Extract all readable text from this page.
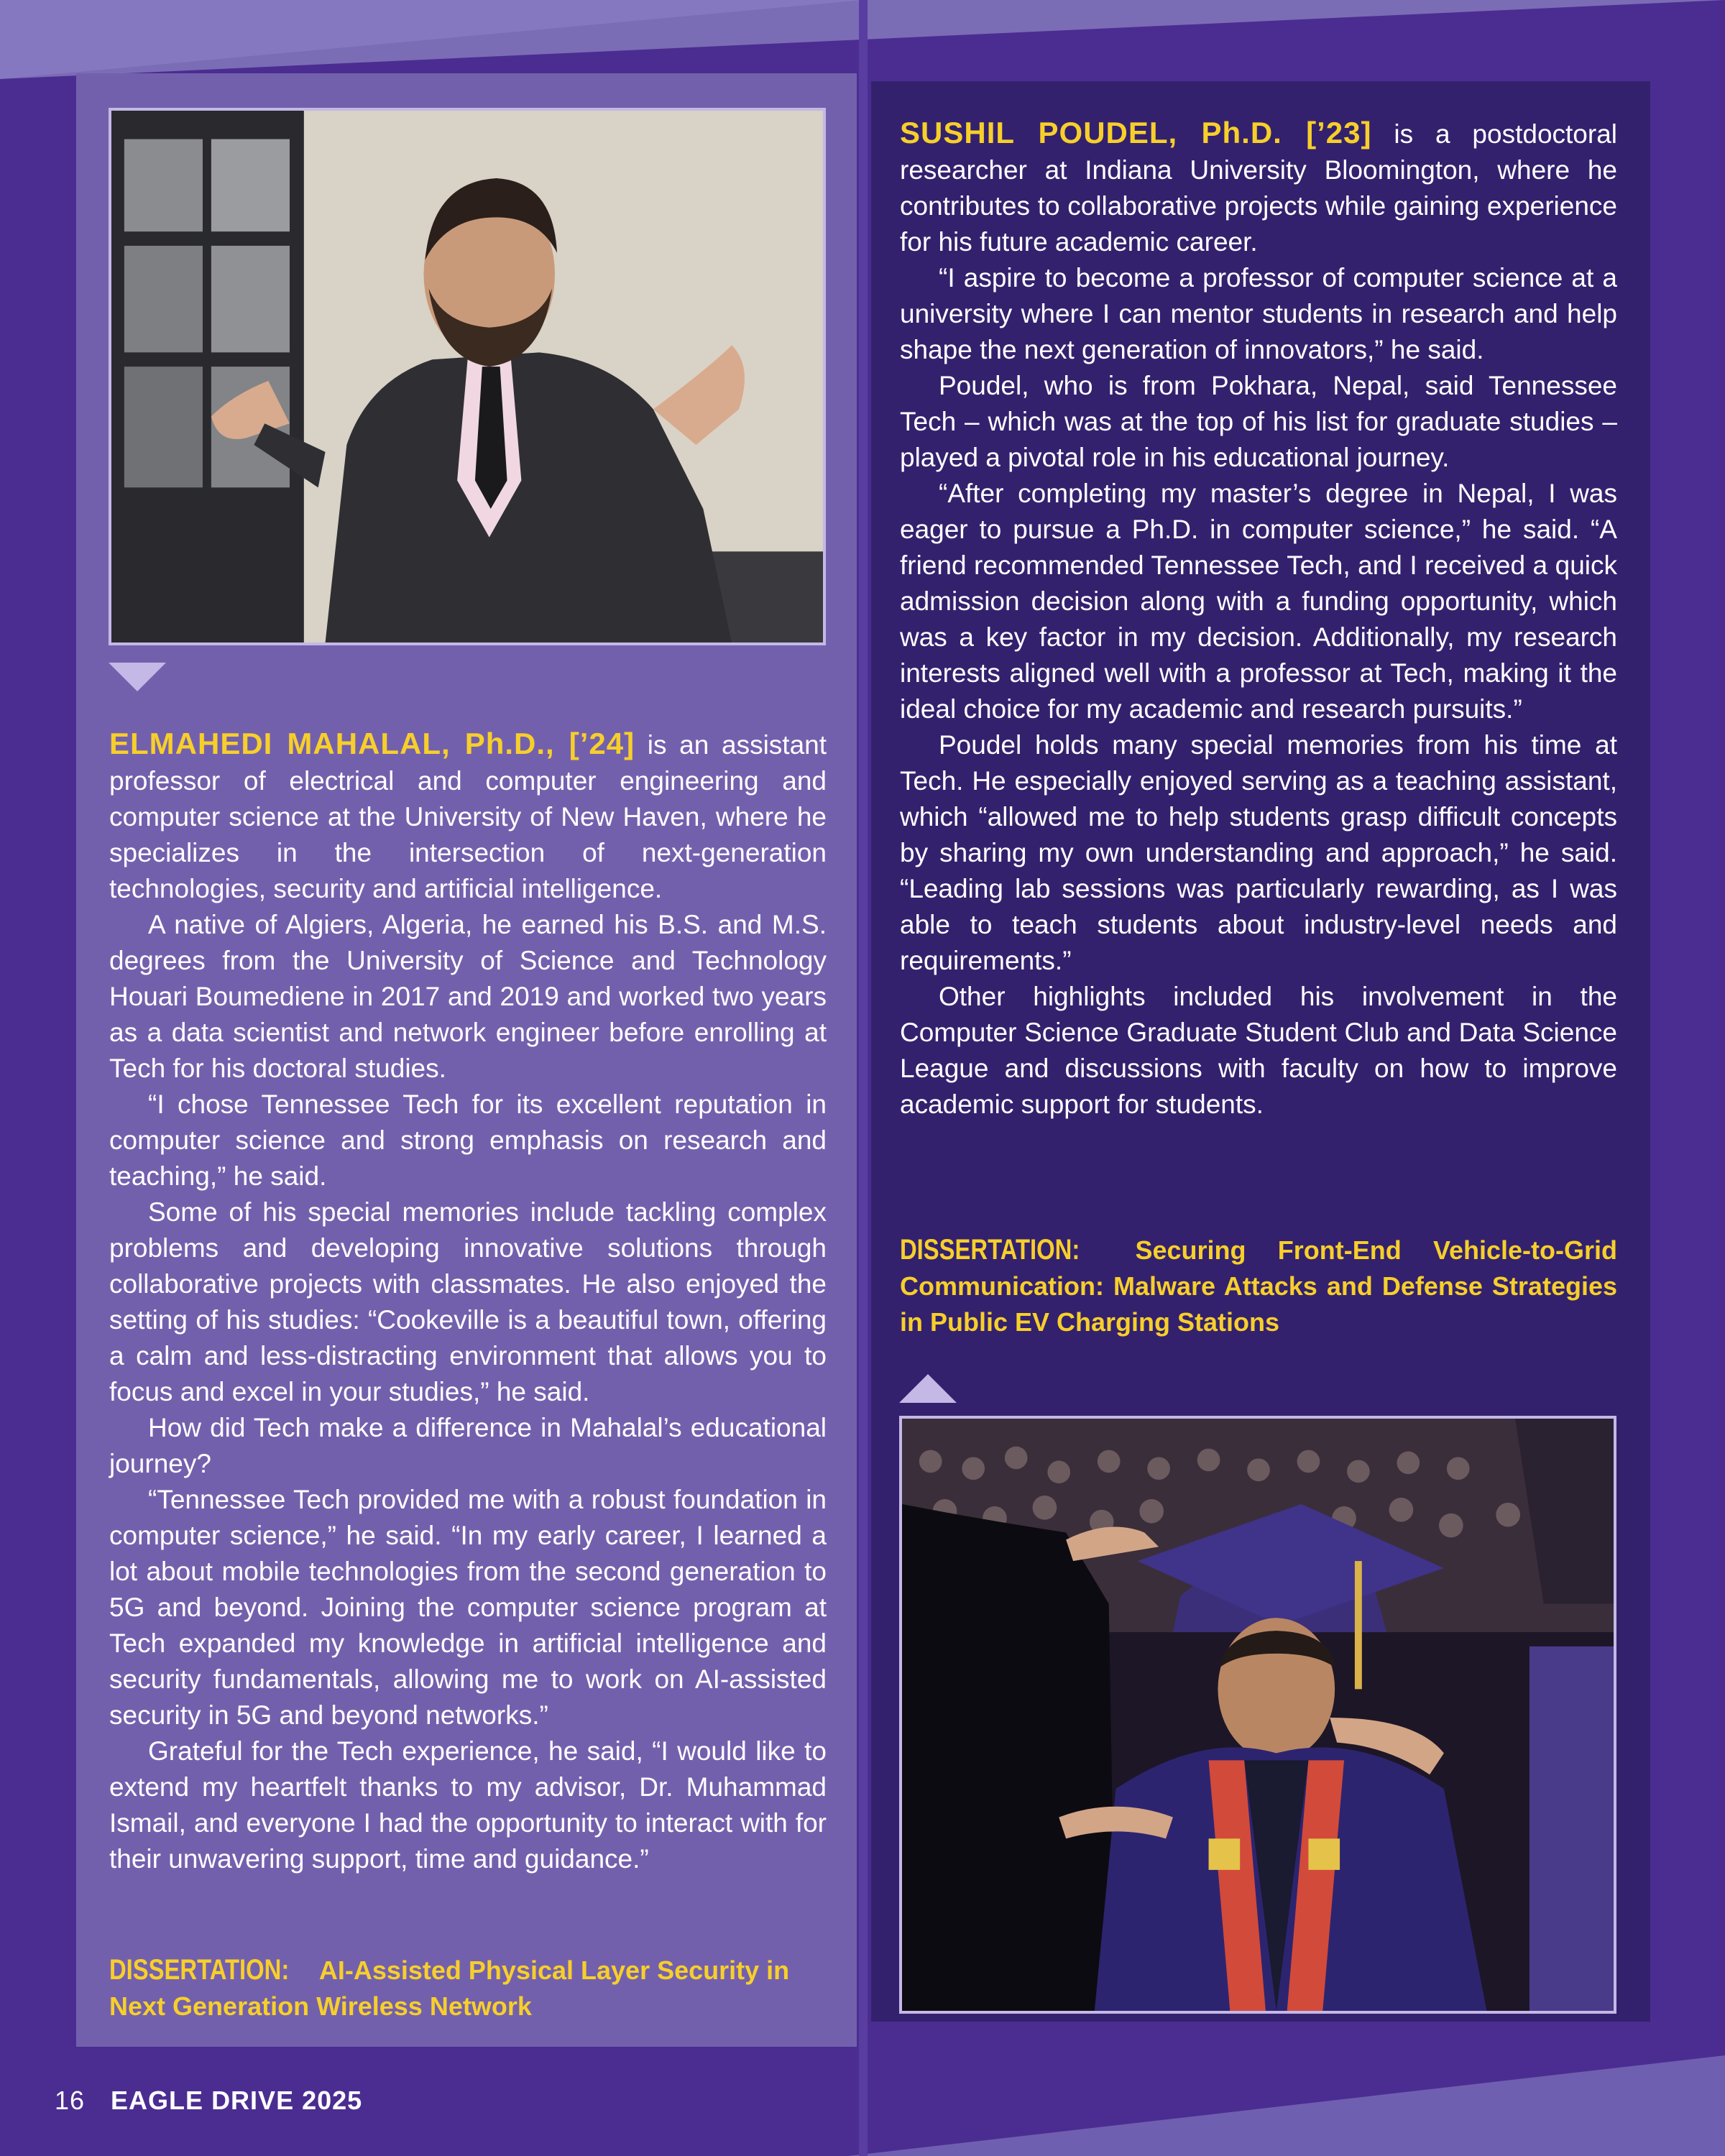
ELMAHEDI MAHALAL, Ph.D., [’24] is an assistant professor of electrical and computer engineering and computer science at the University of New Haven, where he specializes in the intersection of next-generation technologies, security and artificial intelligence.

A native of Algiers, Algeria, he earned his B.S. and M.S. degrees from the University of Science and Technology Houari Boumediene in 2017 and 2019 and worked two years as a data scientist and network engineer before enrolling at Tech for his doctoral studies.

“I chose Tennessee Tech for its excellent reputation in computer science and strong emphasis on research and teaching,” he said.

Some of his special memories include tackling complex problems and developing innovative solutions through collaborative projects with classmates. He also enjoyed the setting of his studies: “Cookeville is a beautiful town, offering a calm and less-distracting environment that allows you to focus and excel in your studies,” he said.

How did Tech make a difference in Mahalal’s educational journey?

“Tennessee Tech provided me with a robust foundation in computer science,” he said. “In my early career, I learned a lot about mobile technologies from the second generation to 5G and beyond. Joining the computer science program at Tech expanded my knowledge in artificial intelligence and security fundamentals, allowing me to work on AI-assisted security in 5G and beyond networks.”

Grateful for the Tech experience, he said, “I would like to extend my heartfelt thanks to my advisor, Dr. Muhammad Ismail, and everyone I had the opportunity to interact with for their unwavering support, time and guidance.”

DISSERTATION: AI-Assisted Physical Layer Security in Next Generation Wireless Network

SUSHIL POUDEL, Ph.D. [’23] is a postdoctoral researcher at Indiana University Bloomington, where he contributes to collaborative projects while gaining experience for his future academic career.

“I aspire to become a professor of computer science at a university where I can mentor students in research and help shape the next generation of innovators,” he said.

Poudel, who is from Pokhara, Nepal, said Tennessee Tech – which was at the top of his list for graduate studies – played a pivotal role in his educational journey.

“After completing my master’s degree in Nepal, I was eager to pursue a Ph.D. in computer science,” he said. “A friend recommended Tennessee Tech, and I received a quick admission decision along with a funding opportunity, which was a key factor in my decision. Additionally, my research interests aligned well with a professor at Tech, making it the ideal choice for my academic and research pursuits.”

Poudel holds many special memories from his time at Tech. He especially enjoyed serving as a teaching assistant, which “allowed me to help students grasp difficult concepts by sharing my own understanding and approach,” he said. “Leading lab sessions was particularly rewarding, as I was able to teach students about industry-level needs and requirements.”

Other highlights included his involvement in the Computer Science Graduate Student Club and Data Science League and discussions with faculty on how to improve academic support for students.

DISSERTATION: Securing Front-End Vehicle-to-Grid Communication: Malware Attacks and Defense Strategies in Public EV Charging Stations

16 EAGLE DRIVE 2025
